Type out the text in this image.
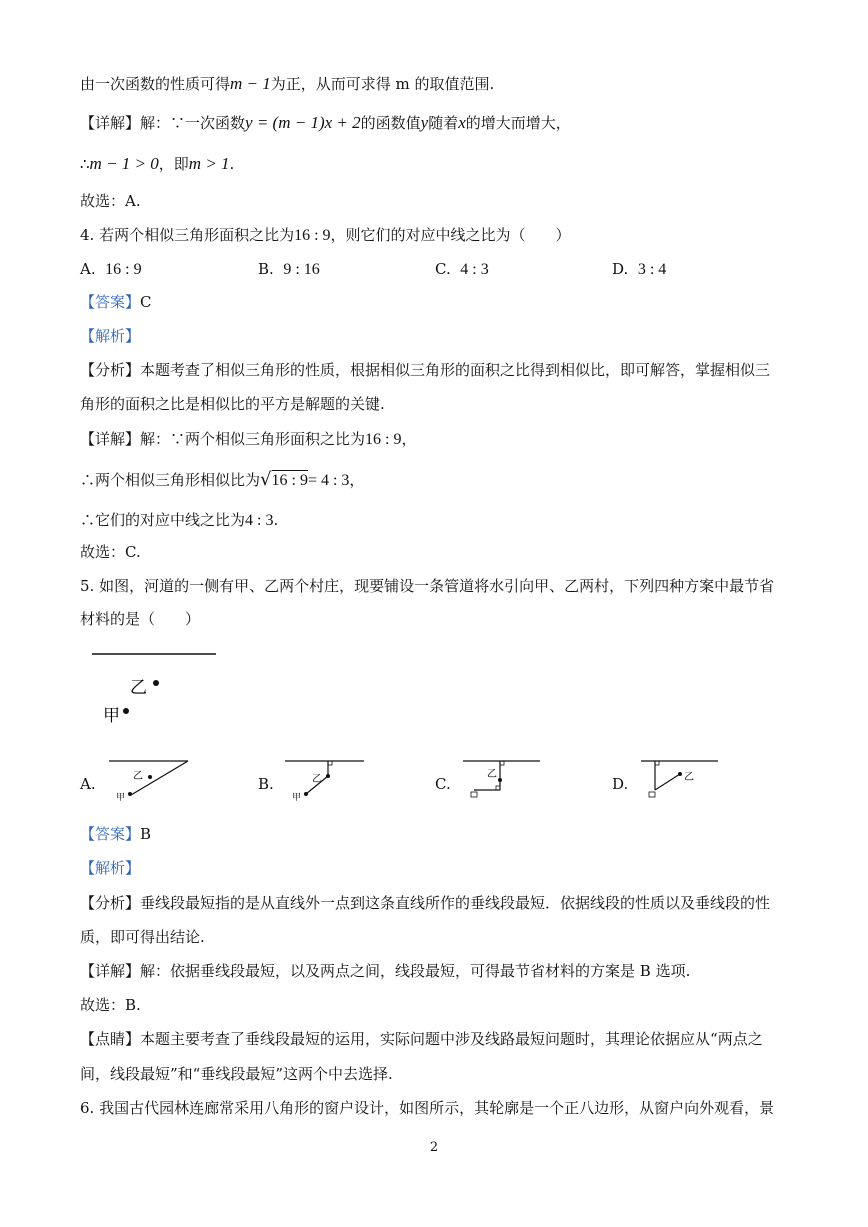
由一次函数的性质可得m − 1为正，从而可求得 m 的取值范围.
【详解】解：∵一次函数y = (m − 1)x + 2的函数值y随着x的增大而增大，
∴m − 1 > 0，即m > 1.
故选：A.
4. 若两个相似三角形面积之比为16 : 9，则它们的对应中线之比为（　　）
A. 16 : 9	B. 9 : 16	C. 4 : 3	D. 3 : 4
【答案】C
【解析】
【分析】本题考查了相似三角形的性质，根据相似三角形的面积之比得到相似比，即可解答，掌握相似三
角形的面积之比是相似比的平方是解题的关键.
【详解】解：∵两个相似三角形面积之比为16 : 9，
∴两个相似三角形相似比为√16 : 9= 4 : 3，
∴它们的对应中线之比为4 : 3.
故选：C.
5. 如图，河道的一侧有甲、乙两个村庄，现要铺设一条管道将水引向甲、乙两村，下列四种方案中最节省
材料的是（　　）
乙
甲
A.	乙
甲
B.	乙
甲
C.
乙
D.	乙
【答案】B
【解析】
【分析】垂线段最短指的是从直线外一点到这条直线所作的垂线段最短．依据线段的性质以及垂线段的性
质，即可得出结论.
【详解】解：依据垂线段最短，以及两点之间，线段最短，可得最节省材料的方案是 B 选项.
故选：B.
【点睛】本题主要考查了垂线段最短的运用，实际问题中涉及线路最短问题时，其理论依据应从“两点之
间，线段最短”和“垂线段最短”这两个中去选择.
6. 我国古代园林连廊常采用八角形的窗户设计，如图所示，其轮廓是一个正八边形，从窗户向外观看，景
2
